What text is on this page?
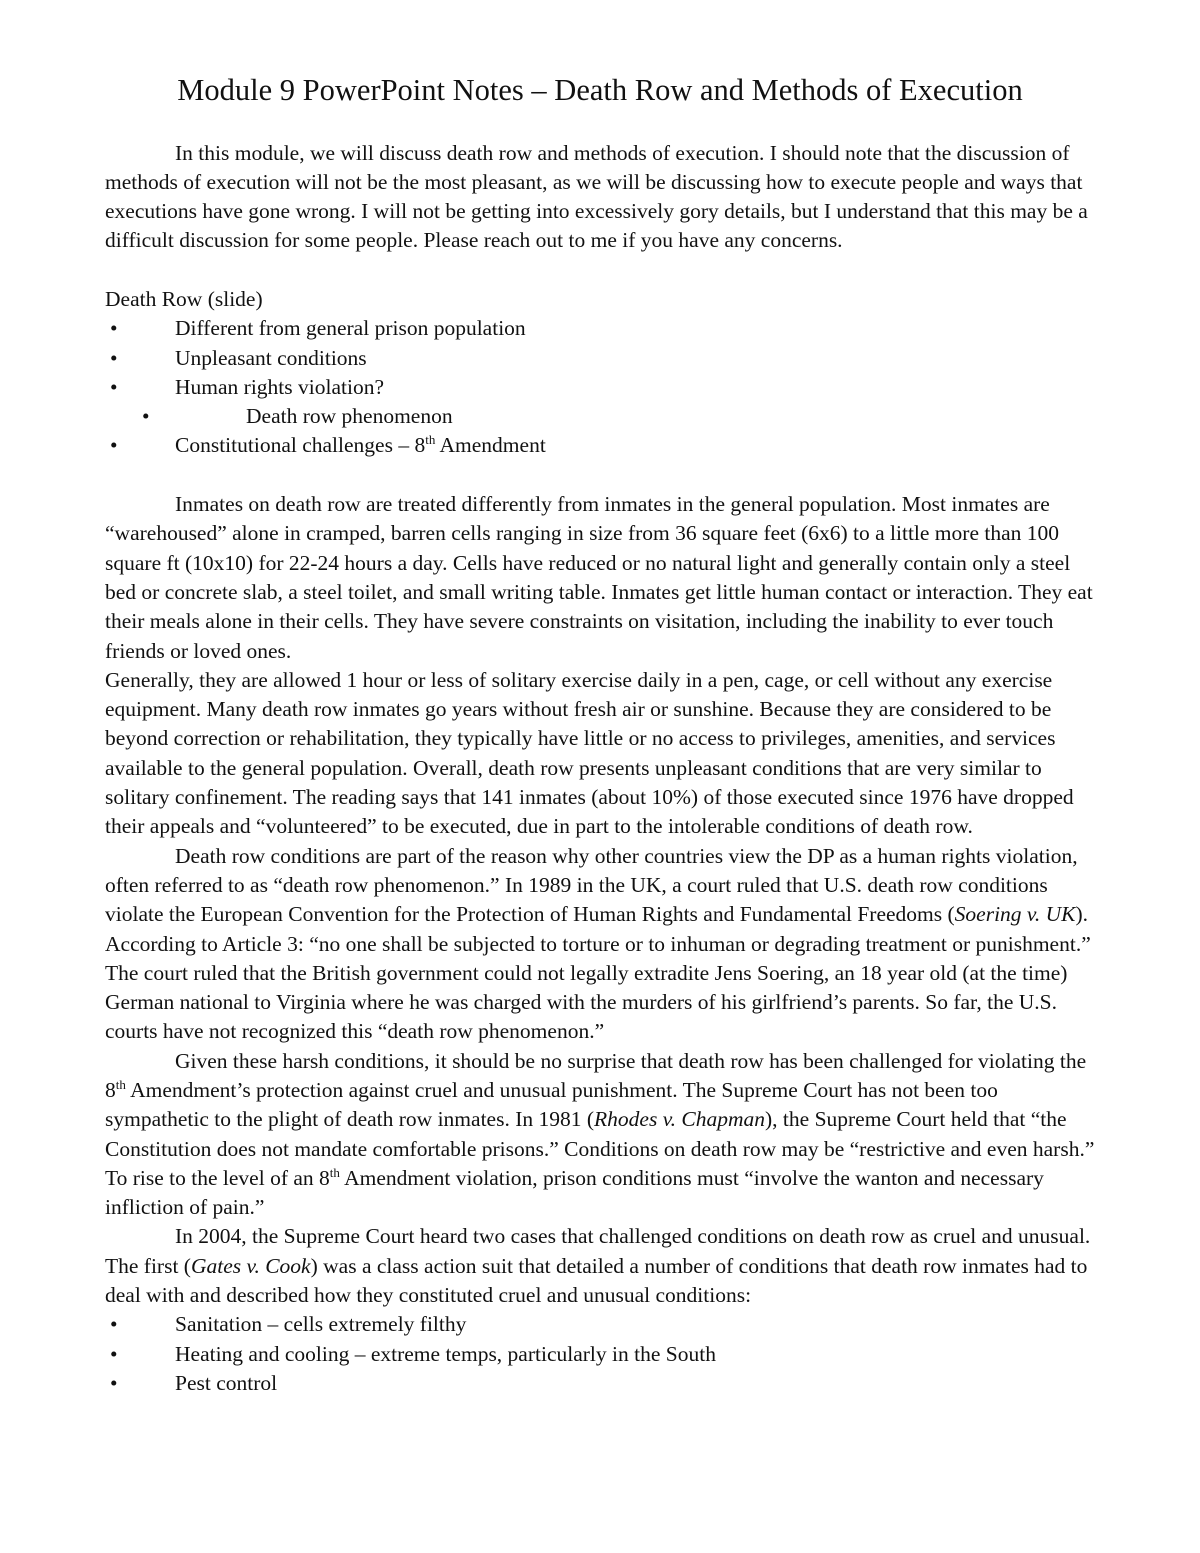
Module 9 PowerPoint Notes – Death Row and Methods of Execution

In this module, we will discuss death row and methods of execution. I should note that the discussion of methods of execution will not be the most pleasant, as we will be discussing how to execute people and ways that executions have gone wrong. I will not be getting into excessively gory details, but I understand that this may be a difficult discussion for some people. Please reach out to me if you have any concerns.

Death Row (slide)

•	Different from general prison population
•	Unpleasant conditions
•	Human rights violation?
•	Death row phenomenon
•	Constitutional challenges – 8th Amendment

Inmates on death row are treated differently from inmates in the general population. Most inmates are “warehoused” alone in cramped, barren cells ranging in size from 36 square feet (6x6) to a little more than 100 square ft (10x10) for 22-24 hours a day. Cells have reduced or no natural light and generally contain only a steel bed or concrete slab, a steel toilet, and small writing table. Inmates get little human contact or interaction. They eat their meals alone in their cells. They have severe constraints on visitation, including the inability to ever touch friends or loved ones.

Generally, they are allowed 1 hour or less of solitary exercise daily in a pen, cage, or cell without any exercise equipment. Many death row inmates go years without fresh air or sunshine. Because they are considered to be beyond correction or rehabilitation, they typically have little or no access to privileges, amenities, and services available to the general population. Overall, death row presents unpleasant conditions that are very similar to solitary confinement. The reading says that 141 inmates (about 10%) of those executed since 1976 have dropped their appeals and “volunteered” to be executed, due in part to the intolerable conditions of death row.

Death row conditions are part of the reason why other countries view the DP as a human rights violation, often referred to as “death row phenomenon.” In 1989 in the UK, a court ruled that U.S. death row conditions violate the European Convention for the Protection of Human Rights and Fundamental Freedoms (Soering v. UK). According to Article 3: “no one shall be subjected to torture or to inhuman or degrading treatment or punishment.” The court ruled that the British government could not legally extradite Jens Soering, an 18 year old (at the time) German national to Virginia where he was charged with the murders of his girlfriend’s parents. So far, the U.S. courts have not recognized this “death row phenomenon.”

Given these harsh conditions, it should be no surprise that death row has been challenged for violating the 8th Amendment’s protection against cruel and unusual punishment. The Supreme Court has not been too sympathetic to the plight of death row inmates. In 1981 (Rhodes v. Chapman), the Supreme Court held that “the Constitution does not mandate comfortable prisons.” Conditions on death row may be “restrictive and even harsh.” To rise to the level of an 8th Amendment violation, prison conditions must “involve the wanton and necessary infliction of pain.”

In 2004, the Supreme Court heard two cases that challenged conditions on death row as cruel and unusual. The first (Gates v. Cook) was a class action suit that detailed a number of conditions that death row inmates had to deal with and described how they constituted cruel and unusual conditions:

•	Sanitation – cells extremely filthy
•	Heating and cooling – extreme temps, particularly in the South
•	Pest control
